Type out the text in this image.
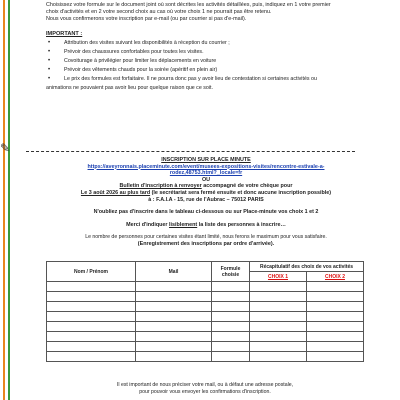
Choisissez votre formule sur le document joint où sont décrites les activités détaillées, puis, indiquez en 1 votre premier

choix d'activités et en 2 votre second choix au cas où votre choix 1 ne pourrait pas être retenu.

Nous vous confirmerons votre inscription par e-mail (ou par courrier si pas d'e-mail).

IMPORTANT :
•	Attribution des visites suivant les disponibilités à réception du courrier ;
•	Prévoir des chaussures confortables pour toutes les visites.
•	Covoiturage à privilégier pour limiter les déplacements en voiture
•	Prévoir des vêtements chauds pour la soirée (apéritif en plein air)
•	Le prix des formules est forfaitaire. Il ne pourra donc pas y avoir lieu de contestation si certaines activités ou
animations ne pouvaient pas avoir lieu pour quelque raison que ce soit.
✎
INSCRIPTION SUR PLACE MINUTE
https://aveyronnais.placeminute.com/event/musees-expositions-visites/rencontre-estivale-a-
rodez,48753.html?_locale=fr
OU
Bulletin d'inscription à renvoyer accompagné de votre chèque pour
Le 3 août 2026 au plus tard (le secrétariat sera fermé ensuite et donc aucune inscription possible)
à : F.A.I.A - 15, rue de l'Aubrac – 75012 PARIS
N'oubliez pas d'inscrire dans le tableau ci-dessous ou sur Place-minute vos choix 1 et 2
Merci d'indiquer lisiblement la liste des personnes à inscrire…
Le nombre de personnes pour certaines visites étant limité, nous ferons le maximum pour vous satisfaire.
(Enregistrement des inscriptions par ordre d'arrivée).
Nom / Prénom	Mail	Formule choisie	Récapitulatif des choix de vos activités	
			CHOIX 1	CHOIX 2

Il est important de nous préciser votre mail, ou à défaut une adresse postale,
pour pouvoir vous envoyer les confirmations d'inscription.
